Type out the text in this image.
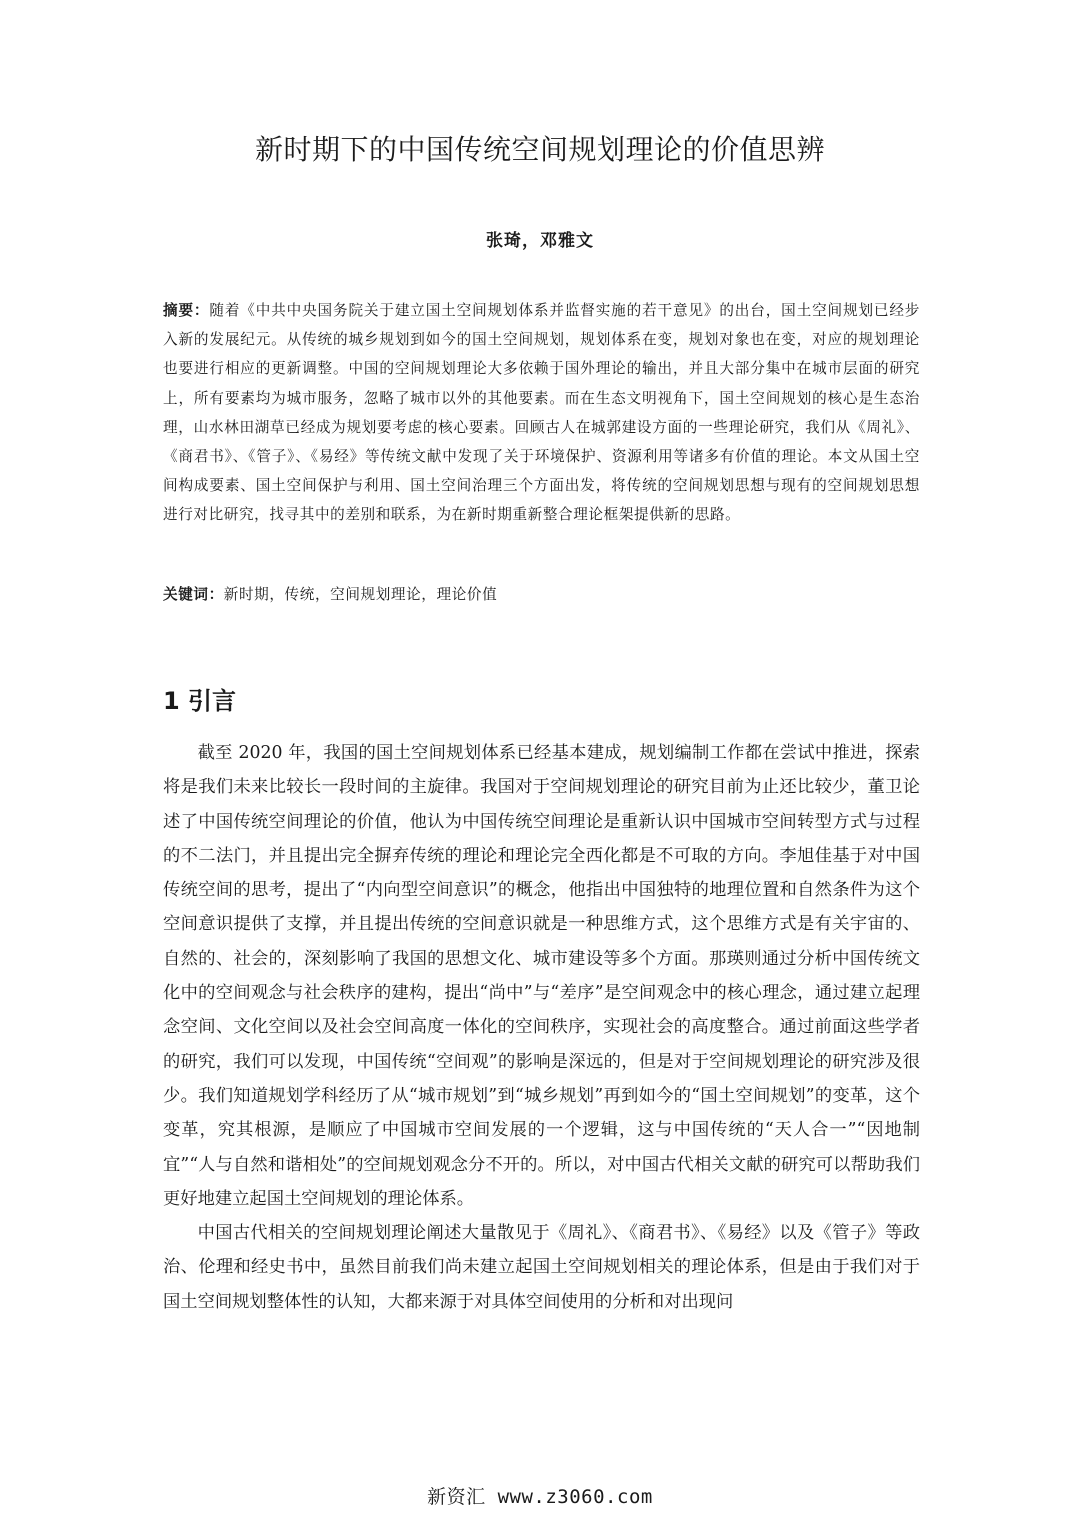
新时期下的中国传统空间规划理论的价值思辨
张琦，邓雅文

摘要：随着《中共中央国务院关于建立国土空间规划体系并监督实施的若干意见》的出台，国土空间规划已经步入新的发展纪元。从传统的城乡规划到如今的国土空间规划，规划体系在变，规划对象也在变，对应的规划理论也要进行相应的更新调整。中国的空间规划理论大多依赖于国外理论的输出，并且大部分集中在城市层面的研究上，所有要素均为城市服务，忽略了城市以外的其他要素。而在生态文明视角下，国土空间规划的核心是生态治理，山水林田湖草已经成为规划要考虑的核心要素。回顾古人在城郭建设方面的一些理论研究，我们从《周礼》、《商君书》、《管子》、《易经》等传统文献中发现了关于环境保护、资源利用等诸多有价值的理论。本文从国土空间构成要素、国土空间保护与利用、国土空间治理三个方面出发，将传统的空间规划思想与现有的空间规划思想进行对比研究，找寻其中的差别和联系，为在新时期重新整合理论框架提供新的思路。

关键词：新时期，传统，空间规划理论，理论价值

1 引言

截至 2020 年，我国的国土空间规划体系已经基本建成，规划编制工作都在尝试中推进，探索将是我们未来比较长一段时间的主旋律。我国对于空间规划理论的研究目前为止还比较少，董卫论述了中国传统空间理论的价值，他认为中国传统空间理论是重新认识中国城市空间转型方式与过程的不二法门，并且提出完全摒弃传统的理论和理论完全西化都是不可取的方向。李旭佳基于对中国传统空间的思考，提出了“内向型空间意识”的概念，他指出中国独特的地理位置和自然条件为这个空间意识提供了支撑，并且提出传统的空间意识就是一种思维方式，这个思维方式是有关宇宙的、自然的、社会的，深刻影响了我国的思想文化、城市建设等多个方面。那瑛则通过分析中国传统文化中的空间观念与社会秩序的建构，提出“尚中”与“差序”是空间观念中的核心理念，通过建立起理念空间、文化空间以及社会空间高度一体化的空间秩序，实现社会的高度整合。通过前面这些学者的研究，我们可以发现，中国传统“空间观”的影响是深远的，但是对于空间规划理论的研究涉及很少。我们知道规划学科经历了从“城市规划”到“城乡规划”再到如今的“国土空间规划”的变革，这个变革，究其根源，是顺应了中国城市空间发展的一个逻辑，这与中国传统的“天人合一”“因地制宜”“人与自然和谐相处”的空间规划观念分不开的。所以，对中国古代相关文献的研究可以帮助我们更好地建立起国土空间规划的理论体系。

中国古代相关的空间规划理论阐述大量散见于《周礼》、《商君书》、《易经》以及《管子》等政治、伦理和经史书中，虽然目前我们尚未建立起国土空间规划相关的理论体系，但是由于我们对于国土空间规划整体性的认知，大都来源于对具体空间使用的分析和对出现问

新资汇 www.z3060.com
